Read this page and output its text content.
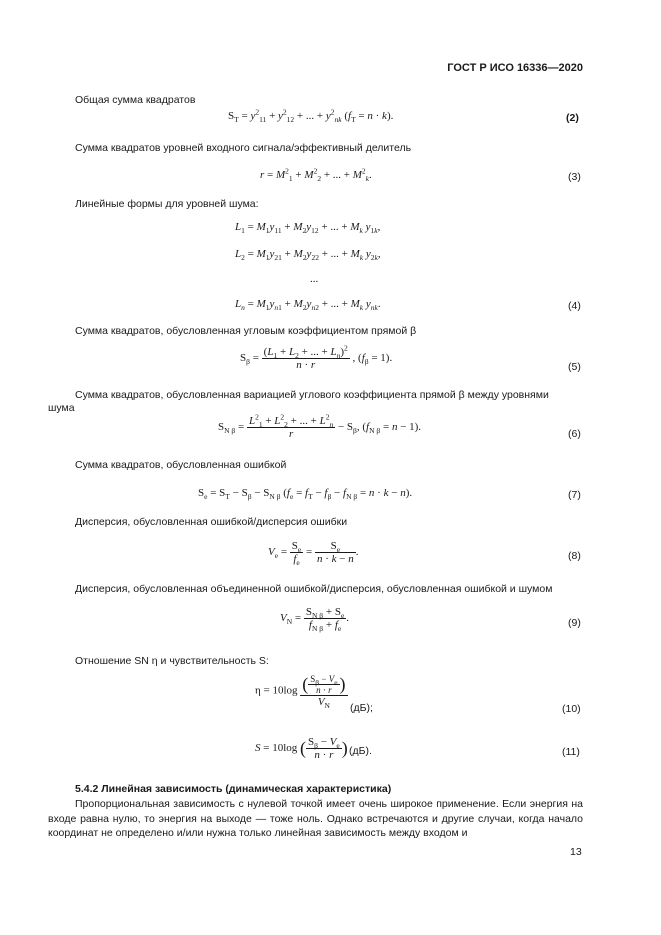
ГОСТ Р ИСО 16336—2020
Общая сумма квадратов
$S_T = y^2_{11} + y^2_{12}$ + ... + $y^2_{nk}$ $(f_T = n \cdot k)$.	(2)
Сумма квадратов уровней входного сигнала/эффективный делитель
$r = M^2_1 + M^2_2$ + ... + $M^2_k$.	(3)
Линейные формы для уровней шума:
$L_1 = M_1y_{11} + M_2y_{12}$ + ... + $M_k$ $y_{1k}$,
$L_2 = M_1y_{21} + M_2y_{22}$ + ... + $M_k$ $y_{2k}$,
...
$L_n = M_1y_{n1} + M_2y_{n2}$ + ... + $M_k$ $y_{nk}$.	(4)
Сумма квадратов, обусловленная угловым коэффициентом прямой β
$S_\beta = \frac{(L_1 + L_2 + ... + L_n)^2}{n \cdot r}$ , $(f_\beta = 1)$.
(5)
Сумма квадратов, обусловленная вариацией углового коэффициента прямой β между уровнями
шума
$S_{N \beta} = \frac{L^2_1 + L^2_2 + ... + L^2_n}{r} - S_\beta$, $(f_{N \beta} = n - 1)$.
(6)
Сумма квадратов, обусловленная ошибкой
$S_e = S_T - S_\beta - S_{N \beta}$ $(f_e = f_T - f_\beta - f_{N \beta} = n \cdot k - n)$.	(7)
Дисперсия, обусловленная ошибкой/дисперсия ошибки
$V_e = \frac{S_e}{f_e} = \frac{S_e}{n \cdot k - n}$ .	(8)
Дисперсия, обусловленная объединенной ошибкой/дисперсия, обусловленная ошибкой и шумом
$V_N = \frac{S_{N \beta} + S_e}{f_{N \beta} + f_e}$ .	(9)
Отношение SN η и чувствительность S:
$\eta = 10\log \frac{( \frac{S_\beta - V_e}{n \cdot r} )}{V_N} (дБ)$;	(10)
S = 10log ( $\frac{S_\beta - V_e}{n \cdot r}$ ) (дБ).	(11)
5.4.2 Линейная зависимость (динамическая характеристика)
Пропорциональная зависимость с нулевой точкой имеет очень широкое применение. Если энергия на входе равна нулю, то энергия на выходе — тоже ноль. Однако встречаются и другие случаи, когда начало координат не определено и/или нужна только линейная зависимость между входом и
13
